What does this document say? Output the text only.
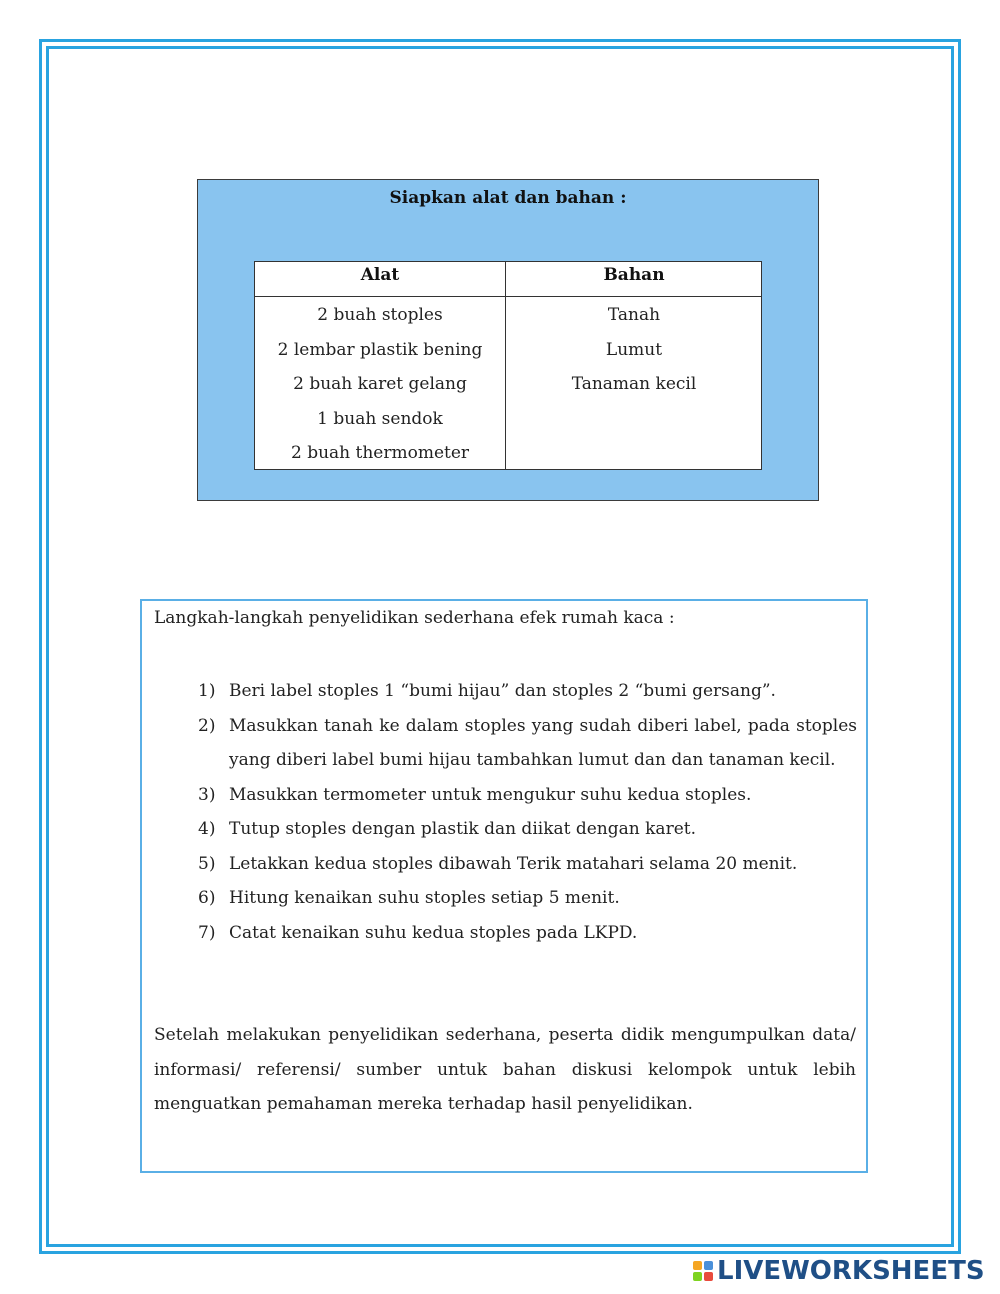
Siapkan alat dan bahan :
Alat	Bahan
2 buah stoples
2 lembar plastik bening
2 buah karet gelang
1 buah sendok
2 buah thermometer
Tanah
Lumut
Tanaman kecil
Langkah-langkah penyelidikan sederhana efek rumah kaca :
1) Beri label stoples 1 “bumi hijau” dan stoples 2 “bumi gersang”.
2) Masukkan tanah ke dalam stoples yang sudah diberi label, pada stoples yang diberi label bumi hijau tambahkan lumut dan dan tanaman kecil.
3) Masukkan termometer untuk mengukur suhu kedua stoples.
4) Tutup stoples dengan plastik dan diikat dengan karet.
5) Letakkan kedua stoples dibawah Terik matahari selama 20 menit.
6) Hitung kenaikan suhu stoples setiap 5 menit.
7) Catat kenaikan suhu kedua stoples pada LKPD.
Setelah melakukan penyelidikan sederhana, peserta didik mengumpulkan data/ informasi/ referensi/ sumber untuk bahan diskusi kelompok untuk lebih menguatkan pemahaman mereka terhadap hasil penyelidikan.
LIVEWORKSHEETS
